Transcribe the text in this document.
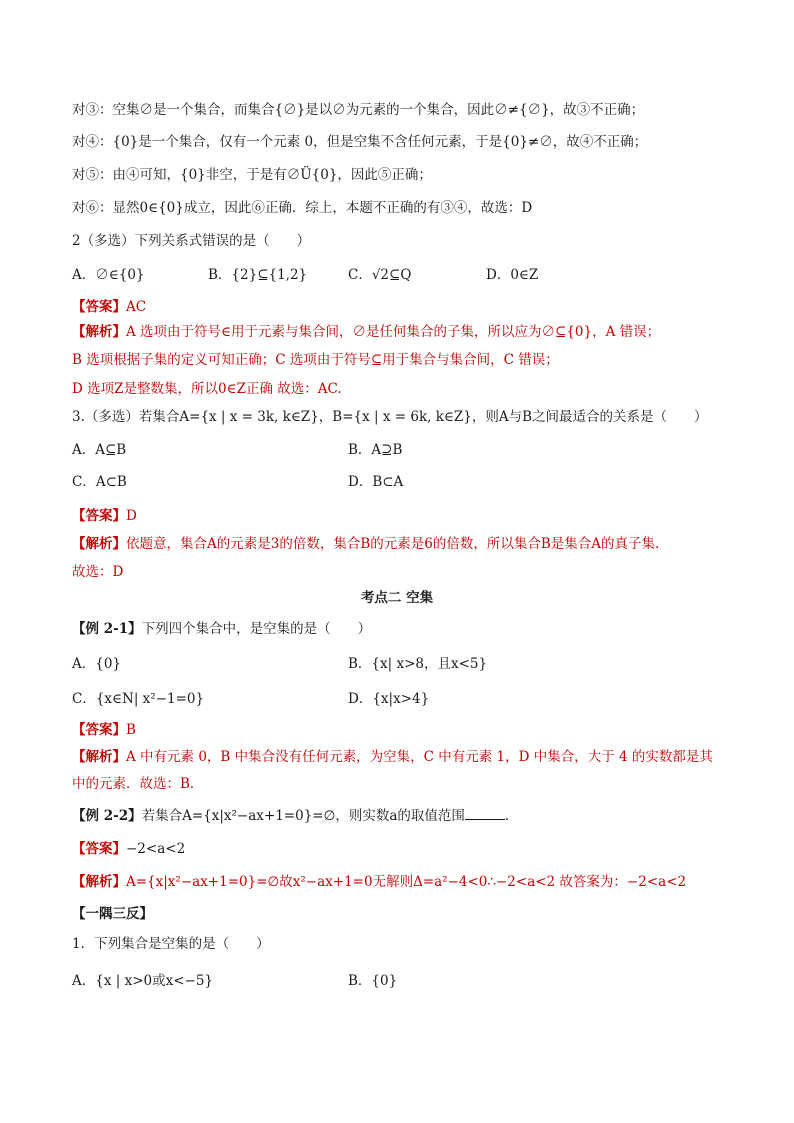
对③：空集∅是一个集合，而集合{∅}是以∅为元素的一个集合，因此∅≠{∅}，故③不正确；
对④：{0}是一个集合，仅有一个元素 0，但是空集不含任何元素，于是{0}≠∅，故④不正确；
对⑤：由④可知，{0}非空，于是有∅Ü{0}，因此⑤正确；
对⑥：显然0∈{0}成立，因此⑥正确．综上，本题不正确的有③④，故选：D
2（多选）下列关系式错误的是（　　）
A．∅∈{0}	B．{2}⊆{1,2}	C．√2⊆Q	D．0∈Z
【答案】AC
【解析】A 选项由于符号∈用于元素与集合间，∅是任何集合的子集，所以应为∅⊆{0}，A 错误；
B 选项根据子集的定义可知正确；C 选项由于符号⊆用于集合与集合间，C 错误；
D 选项Z是整数集，所以0∈Z正确 故选：AC.
3.（多选）若集合A={x | x = 3k, k∈Z}，B={x | x = 6k, k∈Z}，则A与B之间最适合的关系是（　　）
A．A⊆B	B．A⊇B
C．A⊂B	D．B⊂A
【答案】D
【解析】依题意，集合A的元素是3的倍数，集合B的元素是6的倍数，所以集合B是集合A的真子集.
故选：D
考点二 空集
【例 2-1】下列四个集合中，是空集的是（　　）
A．{0}	B．{x| x>8，且x<5}
C．{x∈N| x²−1=0}	D．{x|x>4}
【答案】B
【解析】A 中有元素 0，B 中集合没有任何元素，为空集，C 中有元素 1，D 中集合，大于 4 的实数都是其
中的元素．故选：B．
【例 2-2】若集合A={x|x²−ax+1=0}=∅，则实数a的取值范围	．
【答案】−2<a<2
【解析】A={x|x²−ax+1=0}=∅故x²−ax+1=0无解则Δ=a²−4<0∴−2<a<2 故答案为：−2<a<2
【一隅三反】
1．下列集合是空集的是（　　）
A．{x | x>0或x<−5}	B．{0}
